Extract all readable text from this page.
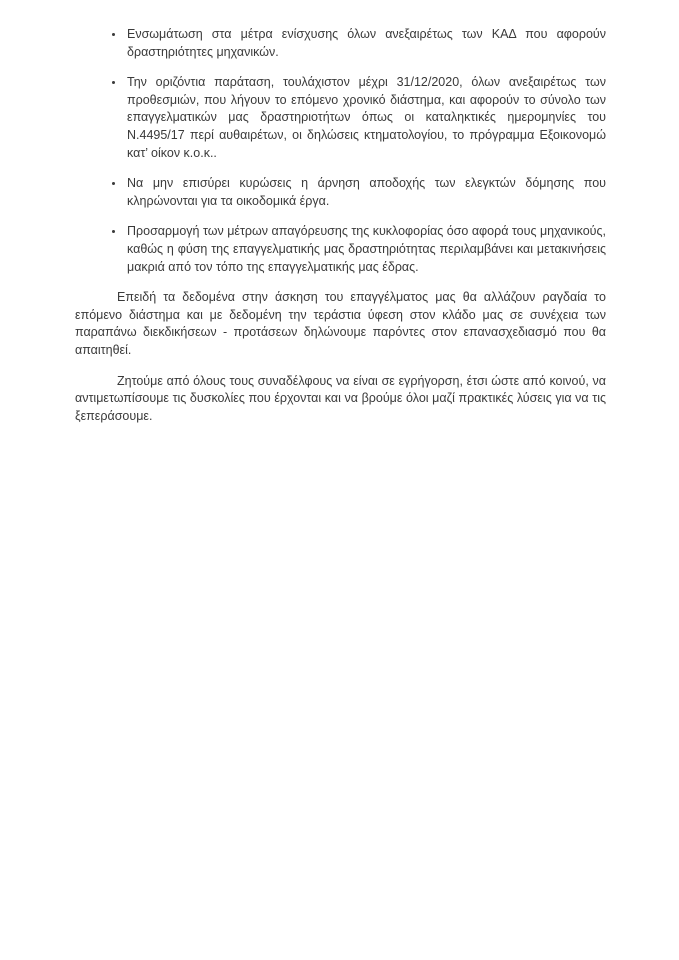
• Ενσωμάτωση στα μέτρα ενίσχυσης όλων ανεξαιρέτως των ΚΑΔ που αφορούν δραστηριότητες μηχανικών.
• Την οριζόντια παράταση, τουλάχιστον μέχρι 31/12/2020, όλων ανεξαιρέτως των προθεσμιών, που λήγουν το επόμενο χρονικό διάστημα, και αφορούν το σύνολο των επαγγελματικών μας δραστηριοτήτων όπως οι καταληκτικές ημερομηνίες του Ν.4495/17 περί αυθαιρέτων, οι δηλώσεις κτηματολογίου, το πρόγραμμα Εξοικονομώ κατ’ οίκον κ.ο.κ..
• Να μην επισύρει κυρώσεις η άρνηση αποδοχής των ελεγκτών δόμησης που κληρώνονται για τα οικοδομικά έργα.
• Προσαρμογή των μέτρων απαγόρευσης της κυκλοφορίας όσο αφορά τους μηχανικούς, καθώς η φύση της επαγγελματικής μας δραστηριότητας περιλαμβάνει και μετακινήσεις μακριά από τον τόπο της επαγγελματικής μας έδρας.

Επειδή τα δεδομένα στην άσκηση του επαγγέλματος μας θα αλλάζουν ραγδαία το επόμενο διάστημα και με δεδομένη την τεράστια ύφεση στον κλάδο μας σε συνέχεια των παραπάνω διεκδικήσεων - προτάσεων δηλώνουμε παρόντες στον επανασχεδιασμό που θα απαιτηθεί.

Ζητούμε από όλους τους συναδέλφους να είναι σε εγρήγορση, έτσι ώστε από κοινού, να αντιμετωπίσουμε τις δυσκολίες που έρχονται και να βρούμε όλοι μαζί πρακτικές λύσεις για να τις ξεπεράσουμε.
